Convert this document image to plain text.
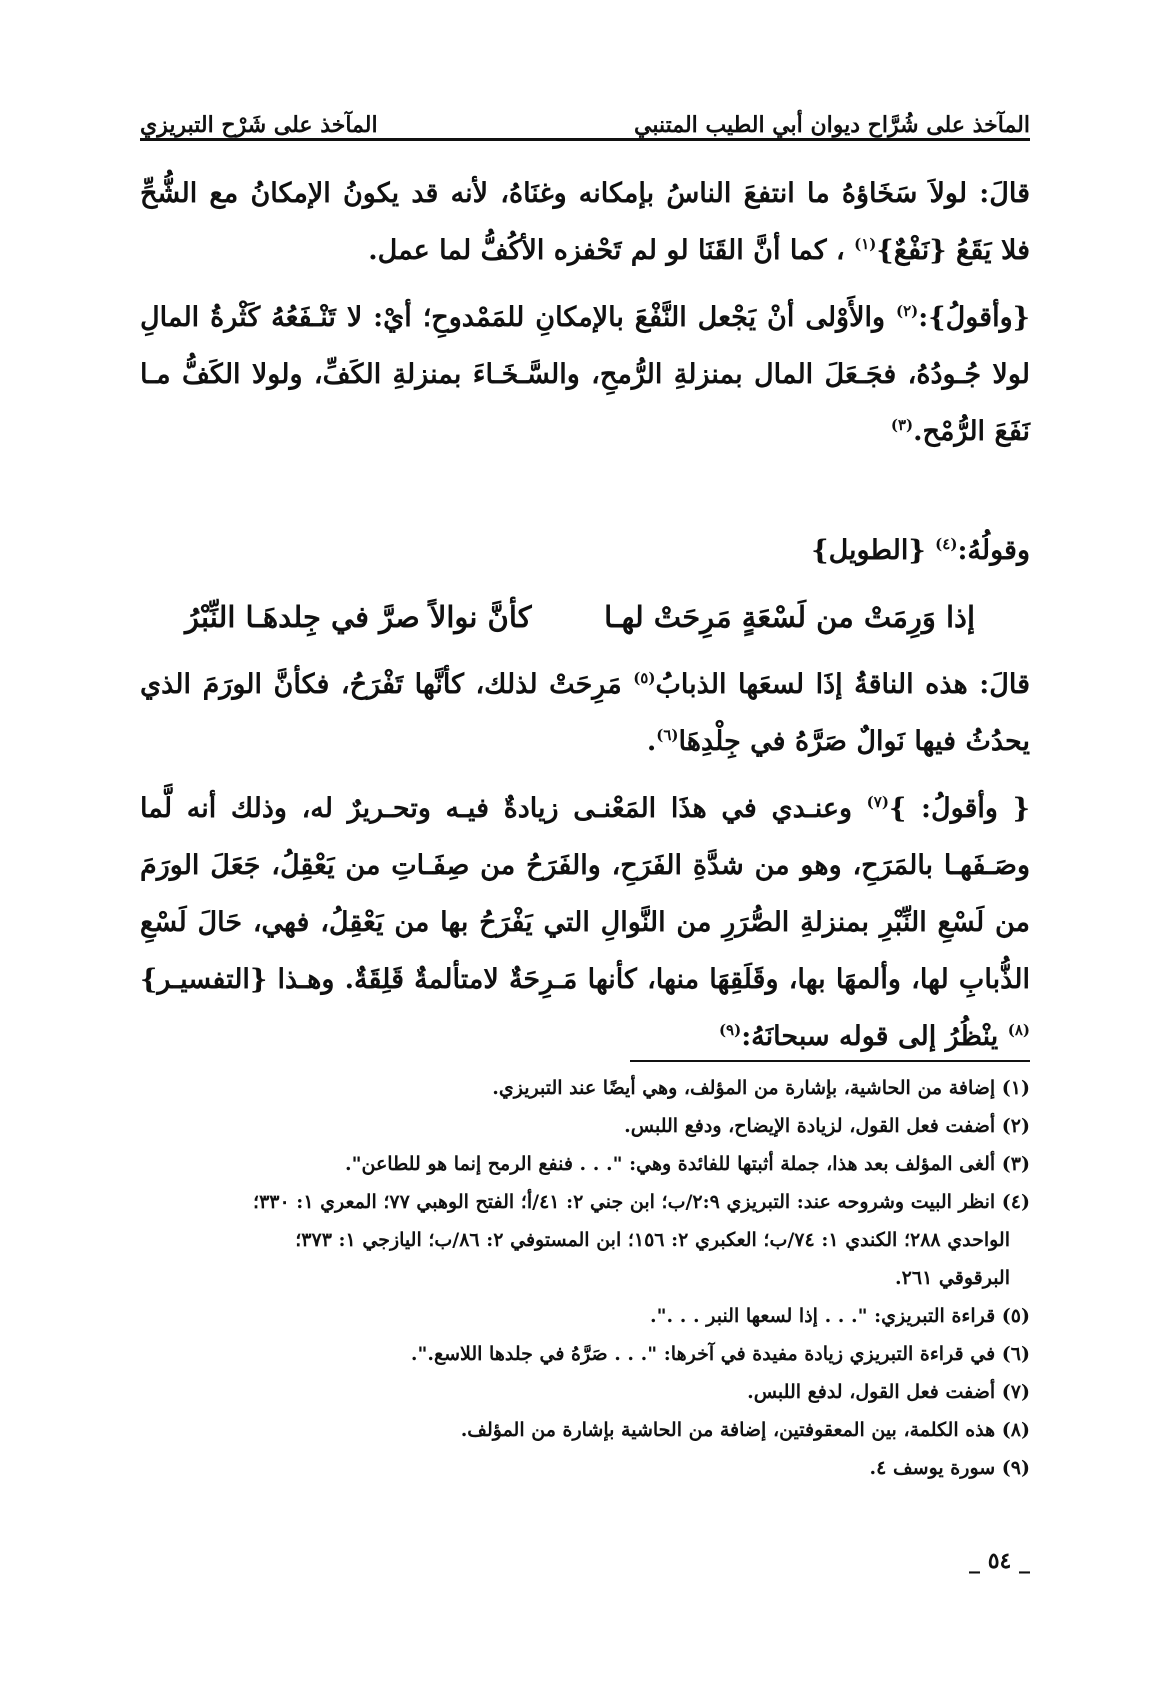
المآخذ على شُرَّاح ديوان أبي الطيب المتنبي
المآخذ على شَرْح التبريزي

قالَ: لولاَ سَخَاؤهُ ما انتفعَ الناسُ بإمكانه وغنَاهُ، لأنه قد يكونُ الإمكانُ مع الشُّحِّ فلا يَقَعُ {نَفْعٌ}$^{(١)}$ ، كما أنَّ القَنَا لو لم تَحْفزه الأكُفُّ لما عمل.

{وأقولُ}:$^{(٢)}$ والأَوْلى أنْ يَجْعل النَّفْعَ بالإمكانِ للمَمْدوحِ؛ أيْ: لا تَنْـفَعُهُ كَثْرةُ المالِ لولا جُـودُهُ، فجَـعَلَ المال بمنزلةِ الرُّمحِ، والسَّـخَـاءَ بمنزلةِ الكَفِّ، ولولا الكَفُّ مـا نَفَعَ الرُّمْح.$^{(٣)}$

وقولُهُ:$^{(٤)}$ {الطويل}

إذا وَرِمَتْ من لَسْعَةٍ مَرِحَتْ لهـا
كأنَّ نوالاً صرَّ في جِلدهَـا النِّبْرُ

قالَ: هذه الناقةُ إذَا لسعَها الذبابُ$^{(٥)}$ مَرِحَتْ لذلك، كأنَّها تَفْرَحُ، فكأنَّ الورَمَ الذي يحدُثُ فيها نَوالٌ صَرَّهُ في جِلْدِهَا$^{(٦)}$.

{ وأقولُ: }$^{(٧)}$ وعنـدي في هذَا المَعْنـى زيادةٌ فيـه وتحـريرٌ له، وذلك أنه لَّما وصَـفَهـا بالمَرَحِ، وهو من شدَّةِ الفَرَحِ، والفَرَحُ من صِفَـاتِ من يَعْقِلُ، جَعَلَ الورَمَ من لَسْعِ النِّبْرِ بمنزلةِ الصُّرَرِ من النَّوالِ التي يَفْرَحُ بها من يَعْقِلُ، فهي، حَالَ لَسْعِ الذُّبابِ لها، وألمهَا بها، وقَلَقِهَا منها، كأنها مَـرِحَةٌ لامتألمةٌ قَلِقَةٌ. وهـذا {التفسيـر}$^{(٨)}$ ينْظُرُ إلى قوله سبحانَهُ:$^{(٩)}$

(١) إضافة من الحاشية، بإشارة من المؤلف، وهي أيضًا عند التبريزي.
(٢) أضفت فعل القول، لزيادة الإيضاح، ودفع اللبس.
(٣) ألغى المؤلف بعد هذا، جملة أثبتها للفائدة وهي: ". . . فنفع الرمح إنما هو للطاعن".
(٤) انظر البيت وشروحه عند: التبريزي ٢:٩/ب؛ ابن جني ٢: ٤١/أ؛ الفتح الوهبي ٧٧؛ المعري ١: ٣٣٠؛
الواحدي ٢٨٨؛ الكندي ١: ٧٤/ب؛ العكبري ٢: ١٥٦؛ ابن المستوفي ٢: ٨٦/ب؛ اليازجي ١: ٣٧٣؛
البرقوقي ٢٦١.
(٥) قراءة التبريزي: ". . . إذا لسعها النبر . . .".
(٦) في قراءة التبريزي زيادة مفيدة في آخرها: ". . . صَرَّهُ في جلدها اللاسع.".
(٧) أضفت فعل القول، لدفع اللبس.
(٨) هذه الكلمة، بين المعقوفتين، إضافة من الحاشية بإشارة من المؤلف.
(٩) سورة يوسف ٤.
_ ٥٤ _
